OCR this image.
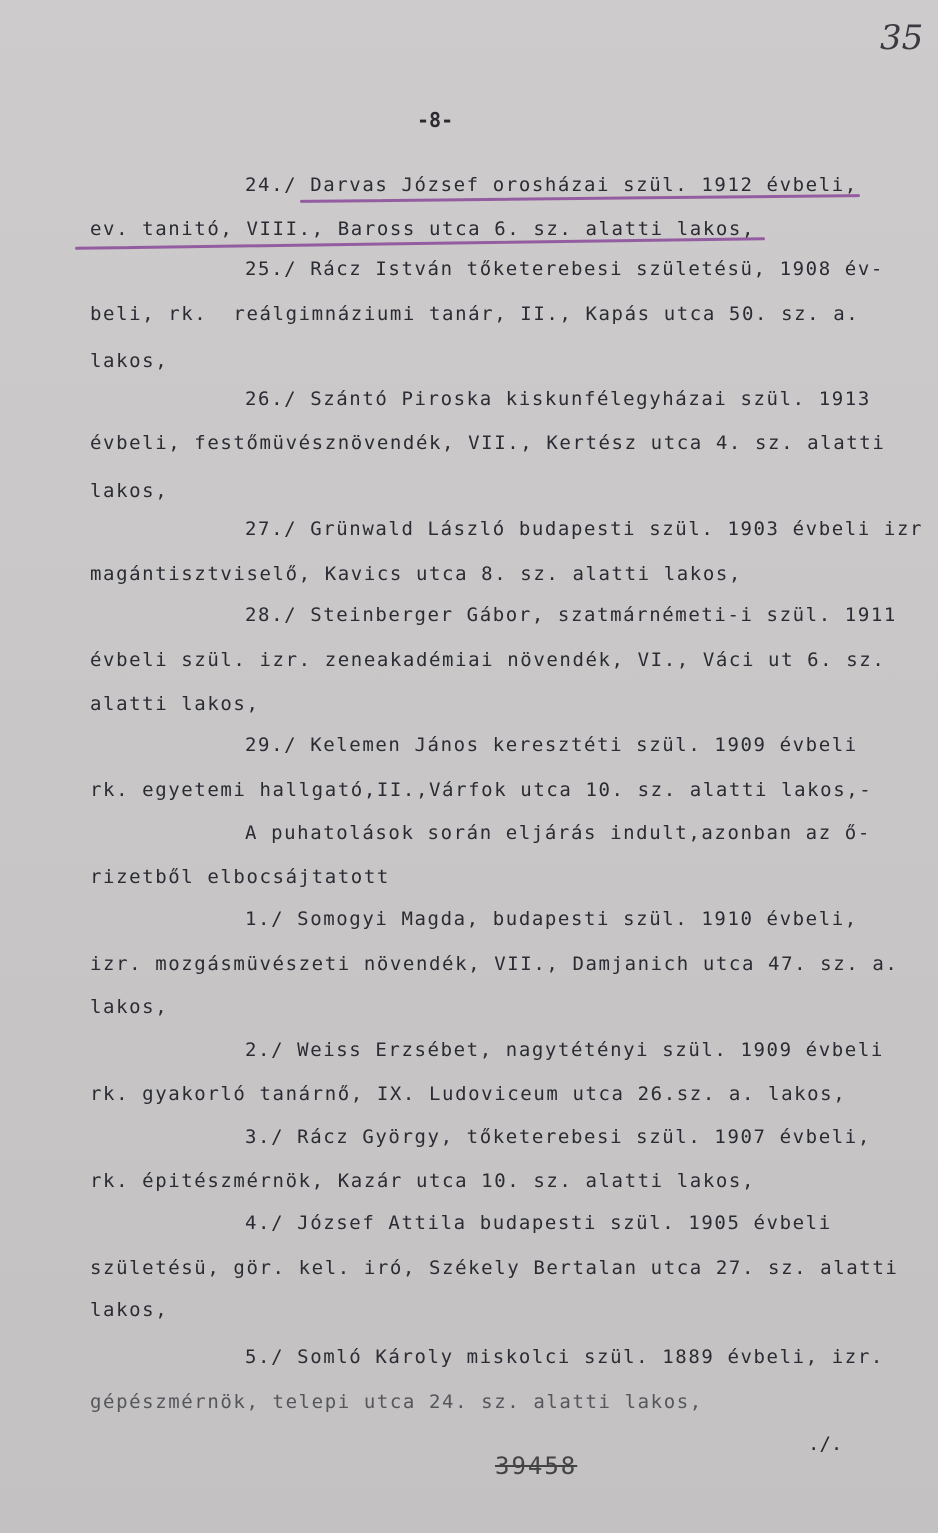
35
-8-
24./ Darvas József orosházai szül. 1912 évbeli,
ev. tanitó, VIII., Baross utca 6. sz. alatti lakos,
25./ Rácz István tőketerebesi születésü, 1908 év-
beli, rk.  reálgimnáziumi tanár, II., Kapás utca 50. sz. a.
lakos,
26./ Szántó Piroska kiskunfélegyházai szül. 1913
évbeli, festőmüvésznövendék, VII., Kertész utca 4. sz. alatti
lakos,
27./ Grünwald László budapesti szül. 1903 évbeli izr
magántisztviselő, Kavics utca 8. sz. alatti lakos,
28./ Steinberger Gábor, szatmárnémeti-i szül. 1911
évbeli szül. izr. zeneakadémiai növendék, VI., Váci ut 6. sz.
alatti lakos,
29./ Kelemen János keresztéti szül. 1909 évbeli
rk. egyetemi hallgató,II.,Várfok utca 10. sz. alatti lakos,-
A puhatolások során eljárás indult,azonban az ő-
rizetből elbocsájtatott
1./ Somogyi Magda, budapesti szül. 1910 évbeli,
izr. mozgásmüvészeti növendék, VII., Damjanich utca 47. sz. a.
lakos,
2./ Weiss Erzsébet, nagytétényi szül. 1909 évbeli
rk. gyakorló tanárnő, IX. Ludoviceum utca 26.sz. a. lakos,
3./ Rácz György, tőketerebesi szül. 1907 évbeli,
rk. épitészmérnök, Kazár utca 10. sz. alatti lakos,
4./ József Attila budapesti szül. 1905 évbeli
születésü, gör. kel. iró, Székely Bertalan utca 27. sz. alatti
lakos,
5./ Somló Károly miskolci szül. 1889 évbeli, izr.
gépészmérnök, telepi utca 24. sz. alatti lakos,
./.
39458
